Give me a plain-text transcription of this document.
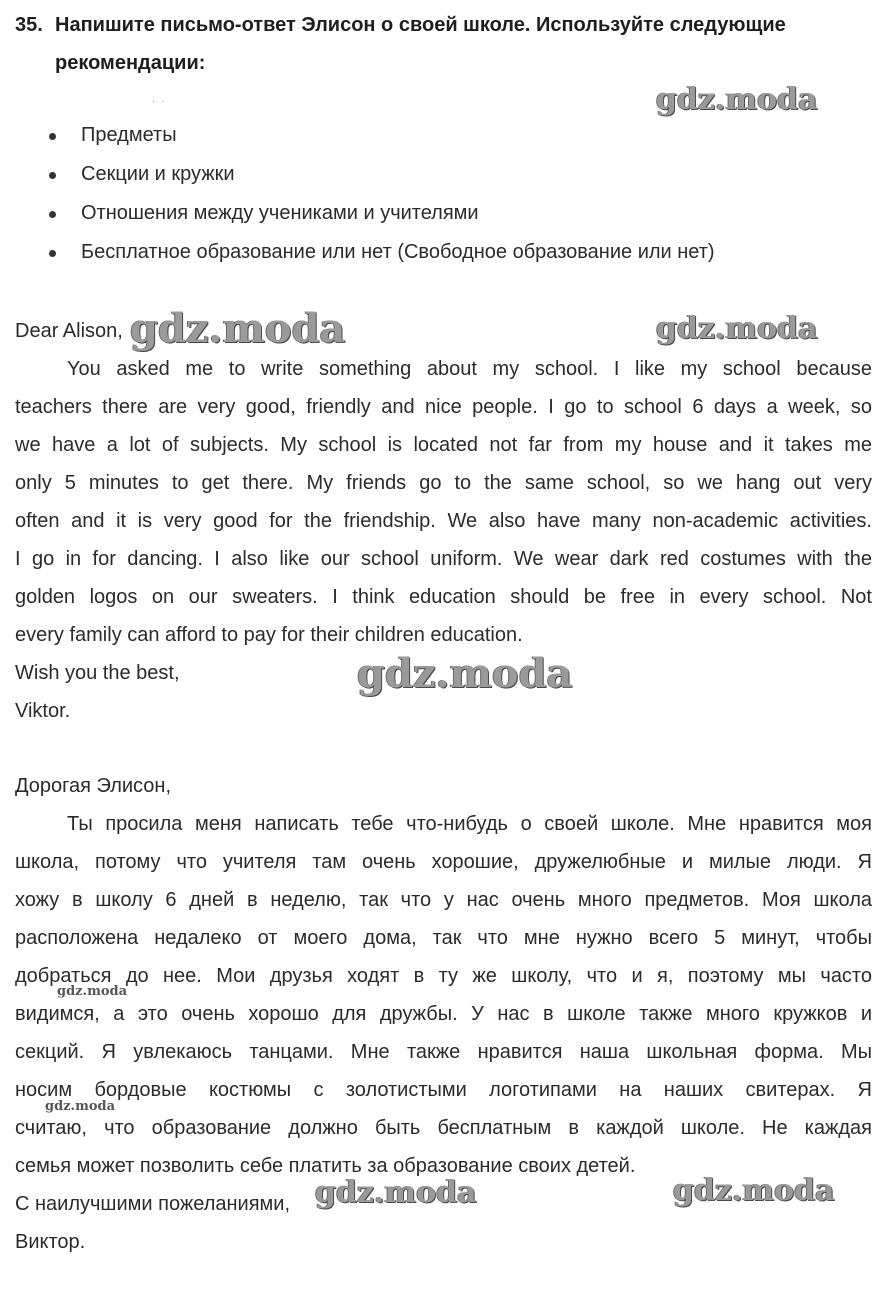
35. Напишите письмо-ответ Элисон о своей школе. Используйте следующие
рекомендации:
··
Предметы
Секции и кружки
Отношения между учениками и учителями
Бесплатное образование или нет (Свободное образование или нет)
Dear Alison,
You asked me to write something about my school. I like my school because
teachers there are very good, friendly and nice people. I go to school 6 days a week, so
we have a lot of subjects. My school is located not far from my house and it takes me
only 5 minutes to get there. My friends go to the same school, so we hang out very
often and it is very good for the friendship. We also have many non-academic activities.
I go in for dancing. I also like our school uniform. We wear dark red costumes with the
golden logos on our sweaters. I think education should be free in every school. Not
every family can afford to pay for their children education.
Wish you the best,
Viktor.
Дорогая Элисон,
Ты просила меня написать тебе что-нибудь о своей школе. Мне нравится моя
школа, потому что учителя там очень хорошие, дружелюбные и милые люди. Я
хожу в школу 6 дней в неделю, так что у нас очень много предметов. Моя школа
расположена недалеко от моего дома, так что мне нужно всего 5 минут, чтобы
добраться до нее. Мои друзья ходят в ту же школу, что и я, поэтому мы часто
видимся, а это очень хорошо для дружбы. У нас в школе также много кружков и
секций. Я увлекаюсь танцами. Мне также нравится наша школьная форма. Мы
носим бордовые костюмы с золотистыми логотипами на наших свитерах. Я
считаю, что образование должно быть бесплатным в каждой школе. Не каждая
семья может позволить себе платить за образование своих детей.
С наилучшими пожеланиями,
Виктор.
gdz.moda
gdz.moda	gdz.moda
gdz.moda
gdz.moda
gdz.moda
gdz.moda	gdz.moda
